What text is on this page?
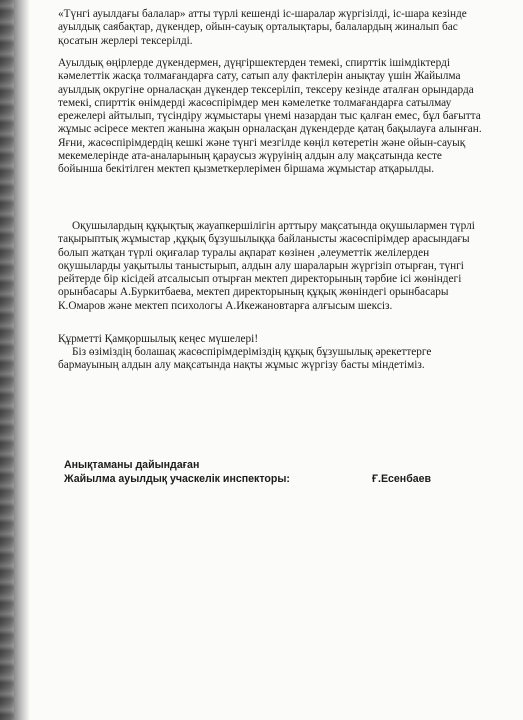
«Түнгі ауылдағы балалар» атты түрлі кешенді іс-шаралар жүргізілді, іс-шара кезінде ауылдық саябақтар, дүкендер, ойын-сауық орталықтары, балалардың жиналып бас қосатын жерлері тексерілді.

Ауылдық өңірлерде дүкендермен, дүңгіршектерден темекі, спирттік ішімдіктерді кәмелеттік жасқа толмағандарға сату, сатып алу фактілерін анықтау үшін Жайылма ауылдық округіне орналасқан дүкендер тексеріліп, тексеру кезінде аталған орындарда темекі, спирттік өнімдерді жасөспірімдер мен кәмелетке толмағандарға сатылмау ережелері айтылып, түсіндіру жұмыстары үнемі назардан тыс қалған емес, бұл бағытта жұмыс әсіресе мектеп жанына жақын орналасқан дүкендерде қатаң бақылауға алынған. Яғни, жасөспірімдердің кешкі және түнгі мезгілде көңіл көтеретін және ойын-сауық мекемелерінде ата-аналарының қараусыз жүруінің алдын алу мақсатында кесте бойынша бекітілген мектеп қызметкерлерімен біршама жұмыстар атқарылды.

Оқушылардың құқықтық жауапкершілігін арттыру мақсатында оқушылармен түрлі тақырыптық жұмыстар ,құқық бұзушылыққа байланысты жасөспірімдер арасындағы болып жатқан түрлі оқиғалар туралы ақпарат көзінен ,әлеуметтік желілерден оқушыларды уақытылы таныстырып, алдын алу шараларын жүргізіп отырған, түнгі рейтерде бір кісідей атсалысып отырған мектеп директорының тәрбие ісі жөніндегі орынбасары А.Буркитбаева, мектеп директорының құқық жөніндегі орынбасары К.Омаров және мектеп психологы А.Икежановтарға алғысым шексіз.

Құрметті Қамқоршылық кеңес мүшелері!

Біз өзіміздің болашақ жасөспірімдеріміздің құқық бұзушылық әрекеттерге бармауының алдын алу мақсатында нақты жұмыс жүргізу басты міндетіміз.

Анықтаманы дайындаған
Жайылма ауылдық учаскелік инспекторы:	Ғ.Есенбаев
